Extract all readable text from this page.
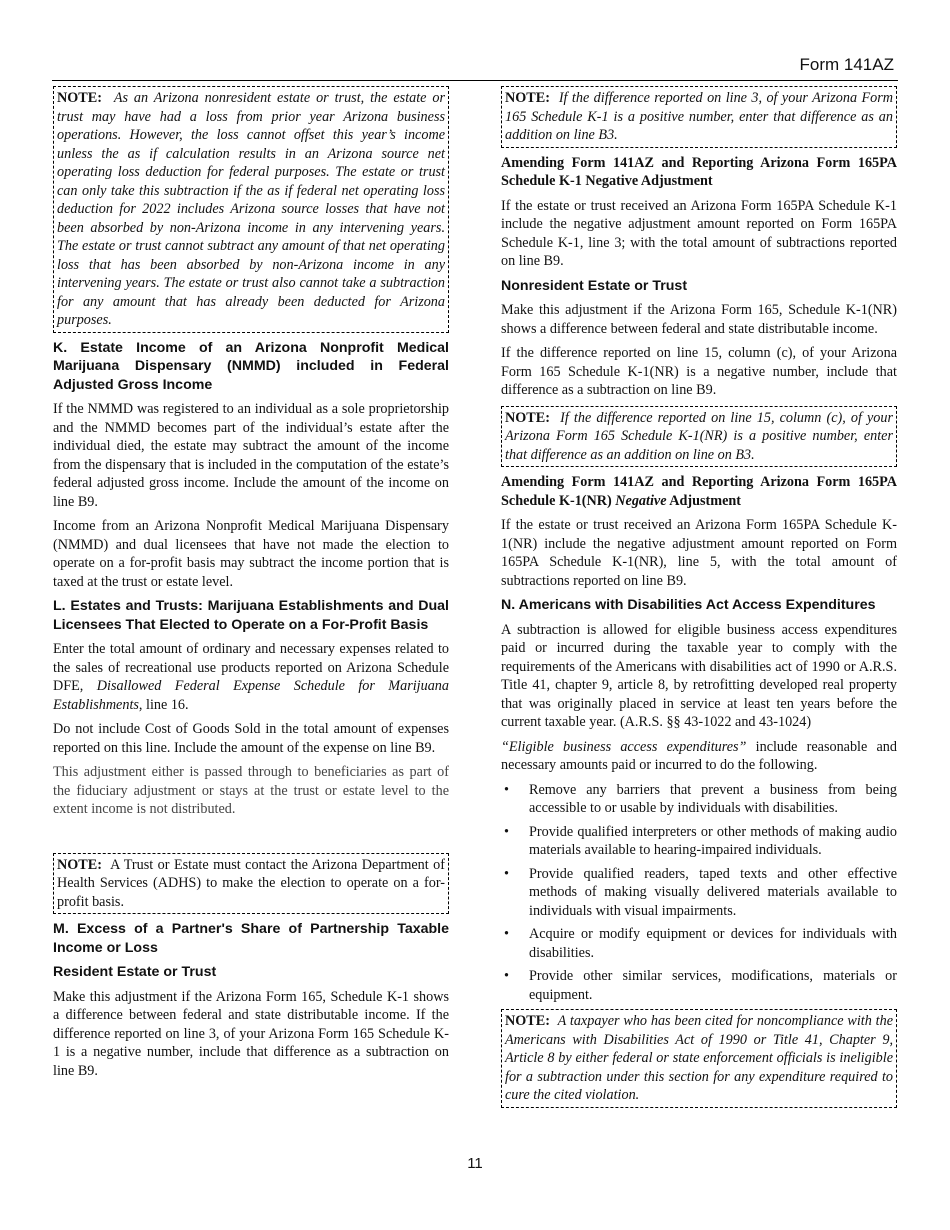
Form 141AZ
NOTE: As an Arizona nonresident estate or trust, the estate or trust may have had a loss from prior year Arizona business operations. However, the loss cannot offset this year’s income unless the as if calculation results in an Arizona source net operating loss deduction for federal purposes. The estate or trust can only take this subtraction if the as if federal net operating loss deduction for 2022 includes Arizona source losses that have not been absorbed by non-Arizona income in any intervening years. The estate or trust cannot subtract any amount of that net operating loss that has been absorbed by non-Arizona income in any intervening years. The estate or trust also cannot take a subtraction for any amount that has already been deducted for Arizona purposes.
K. Estate Income of an Arizona Nonprofit Medical Marijuana Dispensary (NMMD) included in Federal Adjusted Gross Income

If the NMMD was registered to an individual as a sole proprietorship and the NMMD becomes part of the individual’s estate after the individual died, the estate may subtract the amount of the income from the dispensary that is included in the computation of the estate’s federal adjusted gross income. Include the amount of the income on line B9.

Income from an Arizona Nonprofit Medical Marijuana Dispensary (NMMD) and dual licensees that have not made the election to operate on a for-profit basis may subtract the income portion that is taxed at the trust or estate level.

L. Estates and Trusts: Marijuana Establishments and Dual Licensees That Elected to Operate on a For-Profit Basis

Enter the total amount of ordinary and necessary expenses related to the sales of recreational use products reported on Arizona Schedule DFE, Disallowed Federal Expense Schedule for Marijuana Establishments, line 16.

Do not include Cost of Goods Sold in the total amount of expenses reported on this line. Include the amount of the expense on line B9.

This adjustment either is passed through to beneficiaries as part of the fiduciary adjustment or stays at the trust or estate level to the extent income is not distributed.

NOTE: A Trust or Estate must contact the Arizona Department of Health Services (ADHS) to make the election to operate on a for-profit basis.
M. Excess of a Partner's Share of Partnership Taxable Income or Loss
Resident Estate or Trust

Make this adjustment if the Arizona Form 165, Schedule K-1 shows a difference between federal and state distributable income. If the difference reported on line 3, of your Arizona Form 165 Schedule K-1 is a negative number, include that difference as a subtraction on line B9.

NOTE: If the difference reported on line 3, of your Arizona Form 165 Schedule K-1 is a positive number, enter that difference as an addition on line B3.
Amending Form 141AZ and Reporting Arizona Form 165PA Schedule K-1 Negative Adjustment

If the estate or trust received an Arizona Form 165PA Schedule K-1 include the negative adjustment amount reported on Form 165PA Schedule K-1, line 3; with the total amount of subtractions reported on line B9.

Nonresident Estate or Trust

Make this adjustment if the Arizona Form 165, Schedule K-1(NR) shows a difference between federal and state distributable income.

If the difference reported on line 15, column (c), of your Arizona Form 165 Schedule K-1(NR) is a negative number, include that difference as a subtraction on line B9.

NOTE: If the difference reported on line 15, column (c), of your Arizona Form 165 Schedule K-1(NR) is a positive number, enter that difference as an addition on line on B3.
Amending Form 141AZ and Reporting Arizona Form 165PA Schedule K-1(NR) Negative Adjustment

If the estate or trust received an Arizona Form 165PA Schedule K-1(NR) include the negative adjustment amount reported on Form 165PA Schedule K-1(NR), line 5, with the total amount of subtractions reported on line B9.

N. Americans with Disabilities Act Access Expenditures

A subtraction is allowed for eligible business access expenditures paid or incurred during the taxable year to comply with the requirements of the Americans with disabilities act of 1990 or A.R.S. Title 41, chapter 9, article 8, by retrofitting developed real property that was originally placed in service at least ten years before the current taxable year. (A.R.S. §§ 43-1022 and 43-1024)

“Eligible business access expenditures” include reasonable and necessary amounts paid or incurred to do the following.

• Remove any barriers that prevent a business from being accessible to or usable by individuals with disabilities.
• Provide qualified interpreters or other methods of making audio materials available to hearing-impaired individuals.
• Provide qualified readers, taped texts and other effective methods of making visually delivered materials available to individuals with visual impairments.
• Acquire or modify equipment or devices for individuals with disabilities.
• Provide other similar services, modifications, materials or equipment.
NOTE: A taxpayer who has been cited for noncompliance with the Americans with Disabilities Act of 1990 or Title 41, Chapter 9, Article 8 by either federal or state enforcement officials is ineligible for a subtraction under this section for any expenditure required to cure the cited violation.
11
